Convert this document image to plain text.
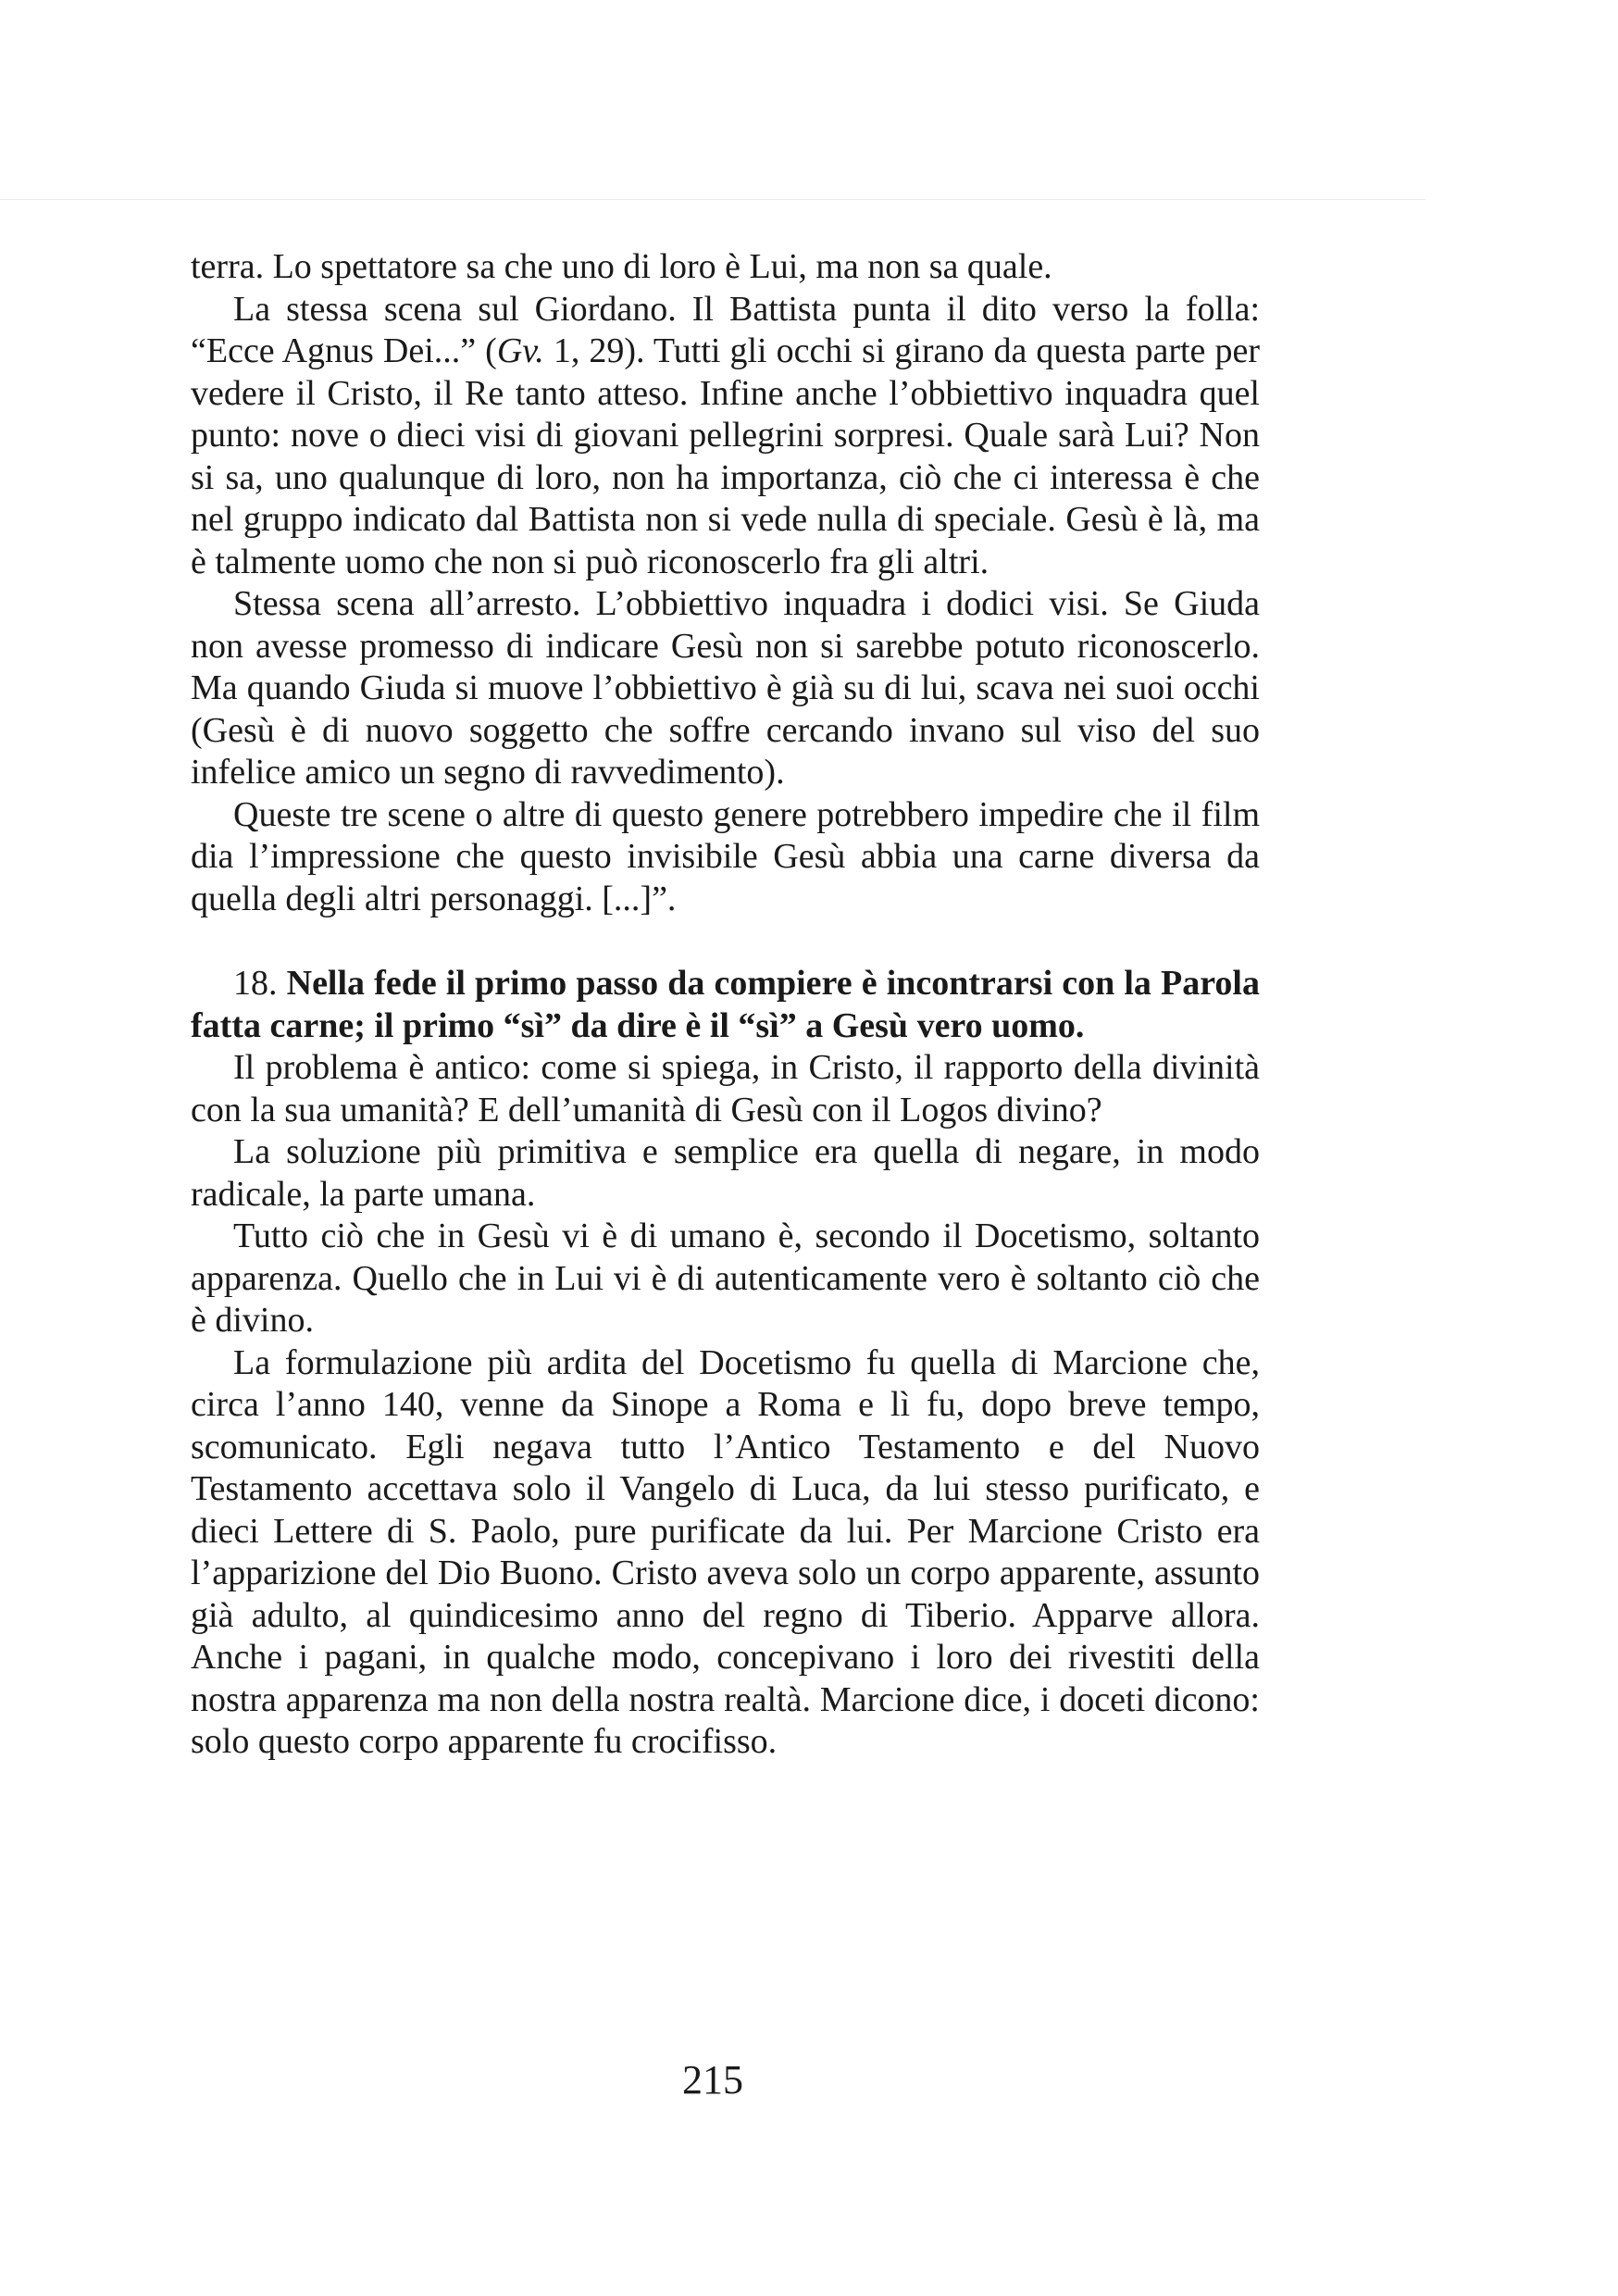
terra. Lo spettatore sa che uno di loro è Lui, ma non sa quale.

La stessa scena sul Giordano. Il Battista punta il dito verso la folla: “Ecce Agnus Dei...” (Gv. 1, 29). Tutti gli occhi si girano da questa parte per vedere il Cristo, il Re tanto atteso. Infine anche l’obbiettivo inquadra quel punto: nove o dieci visi di giovani pellegrini sorpresi. Quale sarà Lui? Non si sa, uno qualunque di loro, non ha importanza, ciò che ci interessa è che nel gruppo indicato dal Battista non si vede nulla di speciale. Gesù è là, ma è talmente uomo che non si può riconoscerlo fra gli altri.

Stessa scena all’arresto. L’obbiettivo inquadra i dodici visi. Se Giuda non avesse promesso di indicare Gesù non si sarebbe potuto riconoscerlo. Ma quando Giuda si muove l’obbiettivo è già su di lui, scava nei suoi occhi (Gesù è di nuovo soggetto che soffre cercando invano sul viso del suo infelice amico un segno di ravvedimento).

Queste tre scene o altre di questo genere potrebbero impedire che il film dia l’impressione che questo invisibile Gesù abbia una carne diversa da quella degli altri personaggi. [...]”.

18. Nella fede il primo passo da compiere è incontrarsi con la Parola fatta carne; il primo “sì” da dire è il “sì” a Gesù vero uomo.

Il problema è antico: come si spiega, in Cristo, il rapporto della divinità con la sua umanità? E dell’umanità di Gesù con il Logos divino?

La soluzione più primitiva e semplice era quella di negare, in modo radicale, la parte umana.

Tutto ciò che in Gesù vi è di umano è, secondo il Docetismo, soltanto apparenza. Quello che in Lui vi è di autenticamente vero è soltanto ciò che è divino.

La formulazione più ardita del Docetismo fu quella di Marcione che, circa l’anno 140, venne da Sinope a Roma e lì fu, dopo breve tempo, scomunicato. Egli negava tutto l’Antico Testamento e del Nuovo Testamento accettava solo il Vangelo di Luca, da lui stesso purificato, e dieci Lettere di S. Paolo, pure purificate da lui. Per Marcione Cristo era l’apparizione del Dio Buono. Cristo aveva solo un corpo apparente, assunto già adulto, al quindicesimo anno del regno di Tiberio. Apparve allora. Anche i pagani, in qualche modo, concepivano i loro dei rivestiti della nostra apparenza ma non della nostra realtà. Marcione dice, i doceti dicono: solo questo corpo apparente fu crocifisso.

215
